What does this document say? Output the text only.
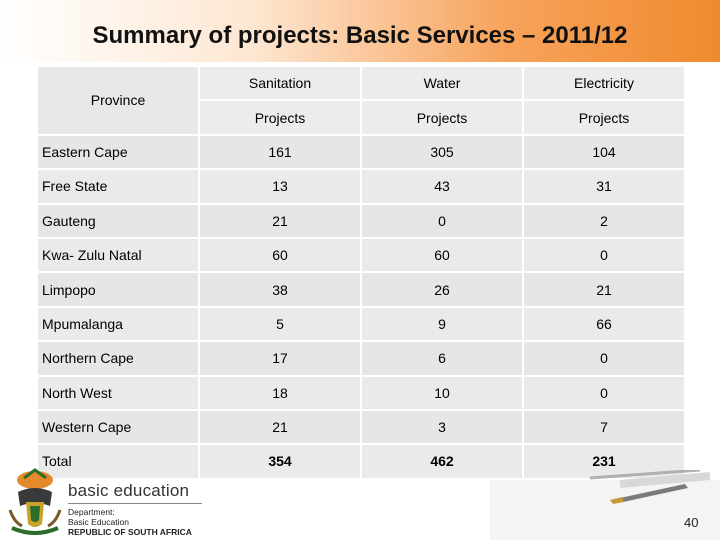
Summary of projects: Basic Services – 2011/12
Province	Sanitation	Water	Electricity
	Projects	Projects	Projects
Eastern Cape	161	305	104
Free State	13	43	31
Gauteng	21	0	2
Kwa- Zulu Natal	60	60	0
Limpopo	38	26	21
Mpumalanga	5	9	66
Northern Cape	17	6	0
North West	18	10	0
Western Cape	21	3	7
Total	354	462	231
basic education
Department:
Basic Education
REPUBLIC OF SOUTH AFRICA
40
